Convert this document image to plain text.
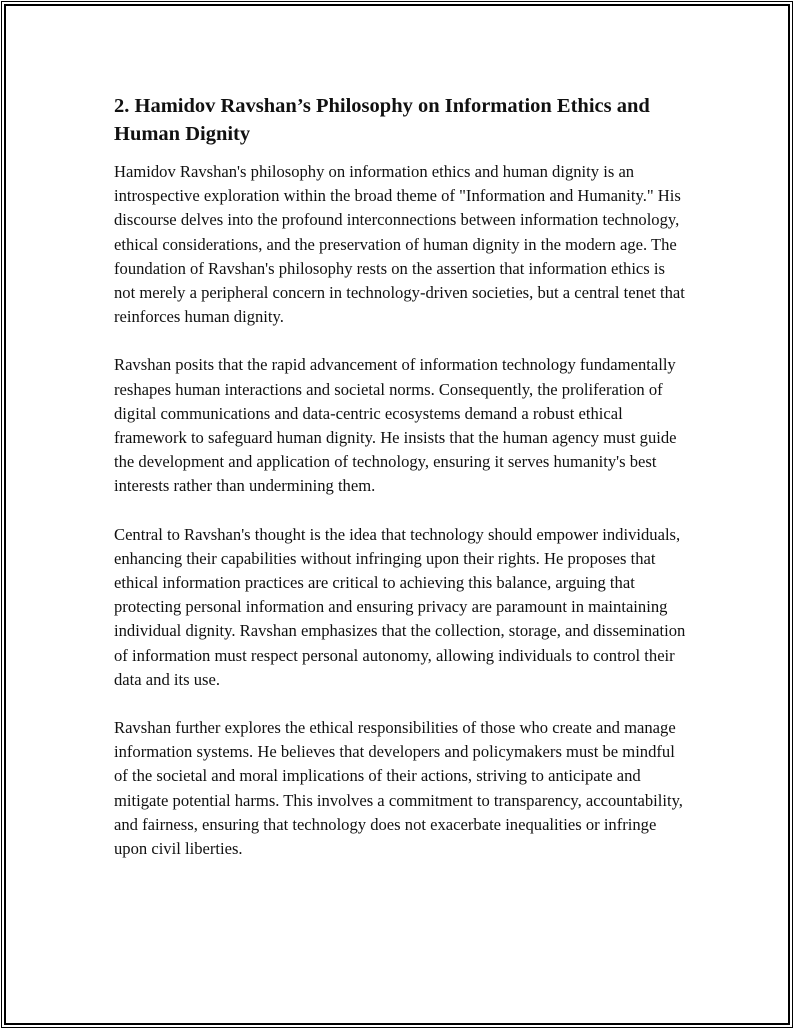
2. Hamidov Ravshan’s Philosophy on Information Ethics and Human Dignity

Hamidov Ravshan's philosophy on information ethics and human dignity is an introspective exploration within the broad theme of "Information and Humanity." His discourse delves into the profound interconnections between information technology, ethical considerations, and the preservation of human dignity in the modern age. The foundation of Ravshan's philosophy rests on the assertion that information ethics is not merely a peripheral concern in technology-driven societies, but a central tenet that reinforces human dignity.

Ravshan posits that the rapid advancement of information technology fundamentally reshapes human interactions and societal norms. Consequently, the proliferation of digital communications and data-centric ecosystems demand a robust ethical framework to safeguard human dignity. He insists that the human agency must guide the development and application of technology, ensuring it serves humanity's best interests rather than undermining them.

Central to Ravshan's thought is the idea that technology should empower individuals, enhancing their capabilities without infringing upon their rights. He proposes that ethical information practices are critical to achieving this balance, arguing that protecting personal information and ensuring privacy are paramount in maintaining individual dignity. Ravshan emphasizes that the collection, storage, and dissemination of information must respect personal autonomy, allowing individuals to control their data and its use.

Ravshan further explores the ethical responsibilities of those who create and manage information systems. He believes that developers and policymakers must be mindful of the societal and moral implications of their actions, striving to anticipate and mitigate potential harms. This involves a commitment to transparency, accountability, and fairness, ensuring that technology does not exacerbate inequalities or infringe upon civil liberties.
